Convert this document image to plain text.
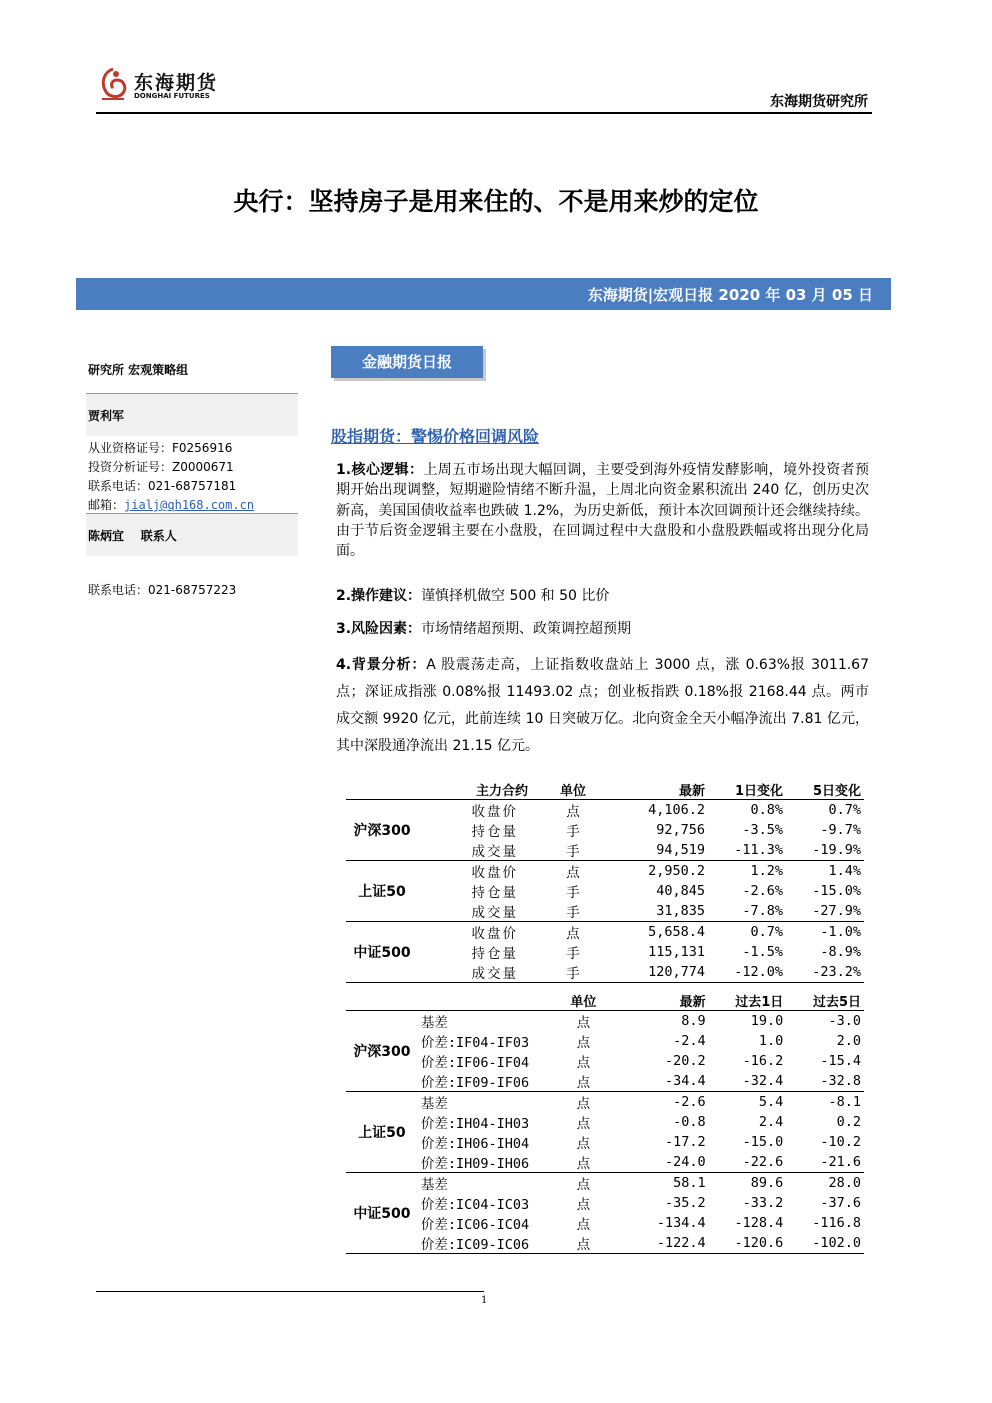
东海期货
DONGHAI FUTURES	东海期货研究所
央行：坚持房子是用来住的、不是用来炒的定位
东海期货|宏观日报 2020 年 03 月 05 日
研究所 宏观策略组
贾利军
从业资格证号：F0256916
投资分析证号：Z0000671
联系电话：021-68757181
邮箱：jialj@qh168.com.cn
陈炳宜    联系人
联系电话：021-68757223
金融期货日报
股指期货：警惕价格回调风险
1.核心逻辑：上周五市场出现大幅回调，主要受到海外疫情发酵影响，境外投资者预期开始出现调整，短期避险情绪不断升温，上周北向资金累积流出 240 亿，创历史次新高，美国国债收益率也跌破 1.2%，为历史新低，预计本次回调预计还会继续持续。由于节后资金逻辑主要在小盘股，在回调过程中大盘股和小盘股跌幅或将出现分化局面。
2.操作建议：谨慎择机做空 500 和 50 比价
3.风险因素：市场情绪超预期、政策调控超预期
4.背景分析：A 股震荡走高，上证指数收盘站上 3000 点，涨 0.63%报 3011.67 点；深证成指涨 0.08%报 11493.02 点；创业板指跌 0.18%报 2168.44 点。两市成交额 9920 亿元，此前连续 10 日突破万亿。北向资金全天小幅净流出 7.81 亿元，其中深股通净流出 21.15 亿元。
	主力合约	单位	最新	1日变化	5日变化
沪深300	收盘价	点	4,106.2	0.8%	0.7%
	持仓量	手	92,756	-3.5%	-9.7%
	成交量	手	94,519	-11.3%	-19.9%
上证50	收盘价	点	2,950.2	1.2%	1.4%
	持仓量	手	40,845	-2.6%	-15.0%
	成交量	手	31,835	-7.8%	-27.9%
中证500	收盘价	点	5,658.4	0.7%	-1.0%
	持仓量	手	115,131	-1.5%	-8.9%
	成交量	手	120,774	-12.0%	-23.2%
		单位	最新	过去1日	过去5日
沪深300	基差	点	8.9	19.0	-3.0
	价差:IF04-IF03	点	-2.4	1.0	2.0
	价差:IF06-IF04	点	-20.2	-16.2	-15.4
	价差:IF09-IF06	点	-34.4	-32.4	-32.8
上证50	基差	点	-2.6	5.4	-8.1
	价差:IH04-IH03	点	-0.8	2.4	0.2
	价差:IH06-IH04	点	-17.2	-15.0	-10.2
	价差:IH09-IH06	点	-24.0	-22.6	-21.6
中证500	基差	点	58.1	89.6	28.0
	价差:IC04-IC03	点	-35.2	-33.2	-37.6
	价差:IC06-IC04	点	-134.4	-128.4	-116.8
	价差:IC09-IC06	点	-122.4	-120.6	-102.0
1
